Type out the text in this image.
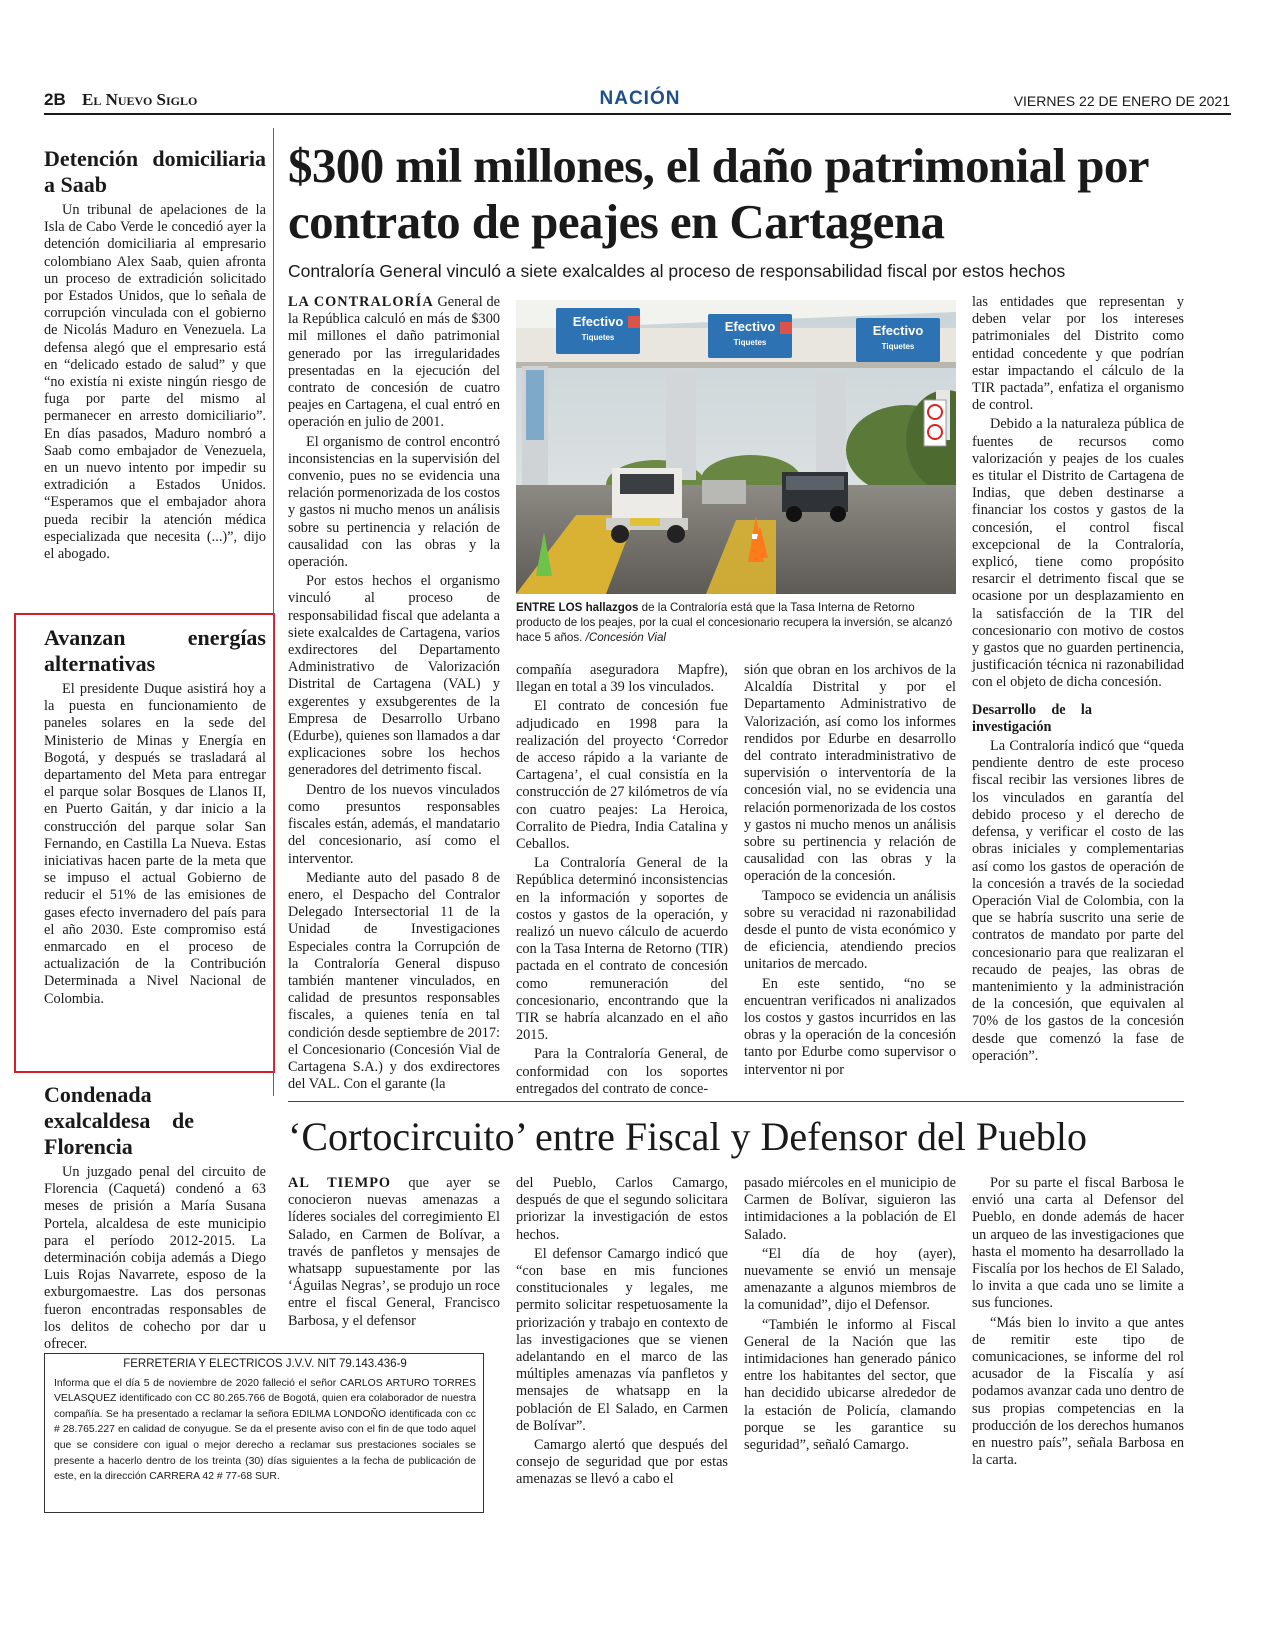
2B El Nuevo Siglo	NACIÓN	VIERNES 22 DE ENERO DE 2021
Detención domiciliaria a Saab

Un tribunal de apelaciones de la Isla de Cabo Verde le concedió ayer la detención domiciliaria al empresario colombiano Alex Saab, quien afronta un proceso de extradición solicitado por Estados Unidos, que lo señala de corrupción vinculada con el gobierno de Nicolás Maduro en Venezuela. La defensa alegó que el empresario está en “delicado estado de salud” y que “no existía ni existe ningún riesgo de fuga por parte del mismo al permanecer en arresto domiciliario”. En días pasados, Maduro nombró a Saab como embajador de Venezuela, en un nuevo intento por impedir su extradición a Estados Unidos. “Esperamos que el embajador ahora pueda recibir la atención médica especializada que necesita (...)”, dijo el abogado.

Avanzan energías alternativas

El presidente Duque asistirá hoy a la puesta en funcionamiento de paneles solares en la sede del Ministerio de Minas y Energía en Bogotá, y después se trasladará al departamento del Meta para entregar el parque solar Bosques de Llanos II, en Puerto Gaitán, y dar inicio a la construcción del parque solar San Fernando, en Castilla La Nueva. Estas iniciativas hacen parte de la meta que se impuso el actual Gobierno de reducir el 51% de las emisiones de gases efecto invernadero del país para el año 2030. Este compromiso está enmarcado en el proceso de actualización de la Contribución Determinada a Nivel Nacional de Colombia.

Condenada exalcaldesa de Florencia

Un juzgado penal del circuito de Florencia (Caquetá) condenó a 63 meses de prisión a María Susana Portela, alcaldesa de este municipio para el período 2012-2015. La determinación cobija además a Diego Luis Rojas Navarrete, esposo de la exburgomaestre. Las dos personas fueron encontradas responsables de los delitos de cohecho por dar u ofrecer.

$300 mil millones, el daño patrimonial por contrato de peajes en Cartagena
Contraloría General vinculó a siete exalcaldes al proceso de responsabilidad fiscal por estos hechos

LA CONTRALORÍA General de la República calculó en más de $300 mil millones el daño patrimonial generado por las irregularidades presentadas en la ejecución del contrato de concesión de cuatro peajes en Cartagena, el cual entró en operación en julio de 2001.

El organismo de control encontró inconsistencias en la supervisión del convenio, pues no se evidencia una relación pormenorizada de los costos y gastos ni mucho menos un análisis sobre su pertinencia y relación de causalidad con las obras y la operación.

Por estos hechos el organismo vinculó al proceso de responsabilidad fiscal que adelanta a siete exalcaldes de Cartagena, varios exdirectores del Departamento Administrativo de Valorización Distrital de Cartagena (VAL) y exgerentes y exsubgerentes de la Empresa de Desarrollo Urbano (Edurbe), quienes son llamados a dar explicaciones sobre los hechos generadores del detrimento fiscal.

Dentro de los nuevos vinculados como presuntos responsables fiscales están, además, el mandatario del concesionario, así como el interventor.

Mediante auto del pasado 8 de enero, el Despacho del Contralor Delegado Intersectorial 11 de la Unidad de Investigaciones Especiales contra la Corrupción de la Contraloría General dispuso también mantener vinculados, en calidad de presuntos responsables fiscales, a quienes tenía en tal condición desde septiembre de 2017: el Concesionario (Concesión Vial de Cartagena S.A.) y dos exdirectores del VAL. Con el garante (la

Efectivo
Tiquetes
Efectivo
Tiquetes
Efectivo
Tiquetes
ENTRE LOS hallazgos de la Contraloría está que la Tasa Interna de Retorno producto de los peajes, por la cual el concesionario recupera la inversión, se alcanzó hace 5 años. /Concesión Vial

compañía aseguradora Mapfre), llegan en total a 39 los vinculados.

El contrato de concesión fue adjudicado en 1998 para la realización del proyecto ‘Corredor de acceso rápido a la variante de Cartagena’, el cual consistía en la construcción de 27 kilómetros de vía con cuatro peajes: La Heroica, Corralito de Piedra, India Catalina y Ceballos.

La Contraloría General de la República determinó inconsistencias en la información y soportes de costos y gastos de la operación, y realizó un nuevo cálculo de acuerdo con la Tasa Interna de Retorno (TIR) pactada en el contrato de concesión como remuneración del concesionario, encontrando que la TIR se habría alcanzado en el año 2015.

Para la Contraloría General, de conformidad con los soportes entregados del contrato de conce-

sión que obran en los archivos de la Alcaldía Distrital y por el Departamento Administrativo de Valorización, así como los informes rendidos por Edurbe en desarrollo del contrato interadministrativo de supervisión o interventoría de la concesión vial, no se evidencia una relación pormenorizada de los costos y gastos ni mucho menos un análisis sobre su pertinencia y relación de causalidad con las obras y la operación de la concesión.

Tampoco se evidencia un análisis sobre su veracidad ni razonabilidad desde el punto de vista económico y de eficiencia, atendiendo precios unitarios de mercado.

En este sentido, “no se encuentran verificados ni analizados los costos y gastos incurridos en las obras y la operación de la concesión tanto por Edurbe como supervisor o interventor ni por

las entidades que representan y deben velar por los intereses patrimoniales del Distrito como entidad concedente y que podrían estar impactando el cálculo de la TIR pactada”, enfatiza el organismo de control.

Debido a la naturaleza pública de fuentes de recursos como valorización y peajes de los cuales es titular el Distrito de Cartagena de Indias, que deben destinarse a financiar los costos y gastos de la concesión, el control fiscal excepcional de la Contraloría, explicó, tiene como propósito resarcir el detrimento fiscal que se ocasione por un desplazamiento en la satisfacción de la TIR del concesionario con motivo de costos y gastos que no guarden pertinencia, justificación técnica ni razonabilidad con el objeto de dicha concesión.

Desarrollo de la investigación

La Contraloría indicó que “queda pendiente dentro de este proceso fiscal recibir las versiones libres de los vinculados en garantía del debido proceso y el derecho de defensa, y verificar el costo de las obras iniciales y complementarias así como los gastos de operación de la concesión a través de la sociedad Operación Vial de Colombia, con la que se habría suscrito una serie de contratos de mandato por parte del concesionario para que realizaran el recaudo de peajes, las obras de mantenimiento y la administración de la concesión, que equivalen al 70% de los gastos de la concesión desde que comenzó la fase de operación”.

‘Cortocircuito’ entre Fiscal y Defensor del Pueblo

AL TIEMPO que ayer se conocieron nuevas amenazas a líderes sociales del corregimiento El Salado, en Carmen de Bolívar, a través de panfletos y mensajes de whatsapp supuestamente por las ‘Águilas Negras’, se produjo un roce entre el fiscal General, Francisco Barbosa, y el defensor

del Pueblo, Carlos Camargo, después de que el segundo solicitara priorizar la investigación de estos hechos.

El defensor Camargo indicó que “con base en mis funciones constitucionales y legales, me permito solicitar respetuosamente la priorización y trabajo en contexto de las investigaciones que se vienen adelantando en el marco de las múltiples amenazas vía panfletos y mensajes de whatsapp en la población de El Salado, en Carmen de Bolívar”.

Camargo alertó que después del consejo de seguridad que por estas amenazas se llevó a cabo el

pasado miércoles en el municipio de Carmen de Bolívar, siguieron las intimidaciones a la población de El Salado.

“El día de hoy (ayer), nuevamente se envió un mensaje amenazante a algunos miembros de la comunidad”, dijo el Defensor.

“También le informo al Fiscal General de la Nación que las intimidaciones han generado pánico entre los habitantes del sector, que han decidido ubicarse alrededor de la estación de Policía, clamando porque se les garantice su seguridad”, señaló Camargo.

Por su parte el fiscal Barbosa le envió una carta al Defensor del Pueblo, en donde además de hacer un arqueo de las investigaciones que hasta el momento ha desarrollado la Fiscalía por los hechos de El Salado, lo invita a que cada uno se limite a sus funciones.

“Más bien lo invito a que antes de remitir este tipo de comunicaciones, se informe del rol acusador de la Fiscalía y así podamos avanzar cada uno dentro de sus propias competencias en la producción de los derechos humanos en nuestro país”, señala Barbosa en la carta.

FERRETERIA Y ELECTRICOS J.V.V. NIT 79.143.436-9
Informa que el día 5 de noviembre de 2020 falleció el señor CARLOS ARTURO TORRES VELASQUEZ identificado con CC 80.265.766 de Bogotá, quien era colaborador de nuestra compañía. Se ha presentado a reclamar la señora EDILMA LONDOÑO identificada con cc # 28.765.227 en calidad de conyugue. Se da el presente aviso con el fin de que todo aquel que se considere con igual o mejor derecho a reclamar sus prestaciones sociales se presente a hacerlo dentro de los treinta (30) días siguientes a la fecha de publicación de este, en la dirección CARRERA 42 # 77-68 SUR.
